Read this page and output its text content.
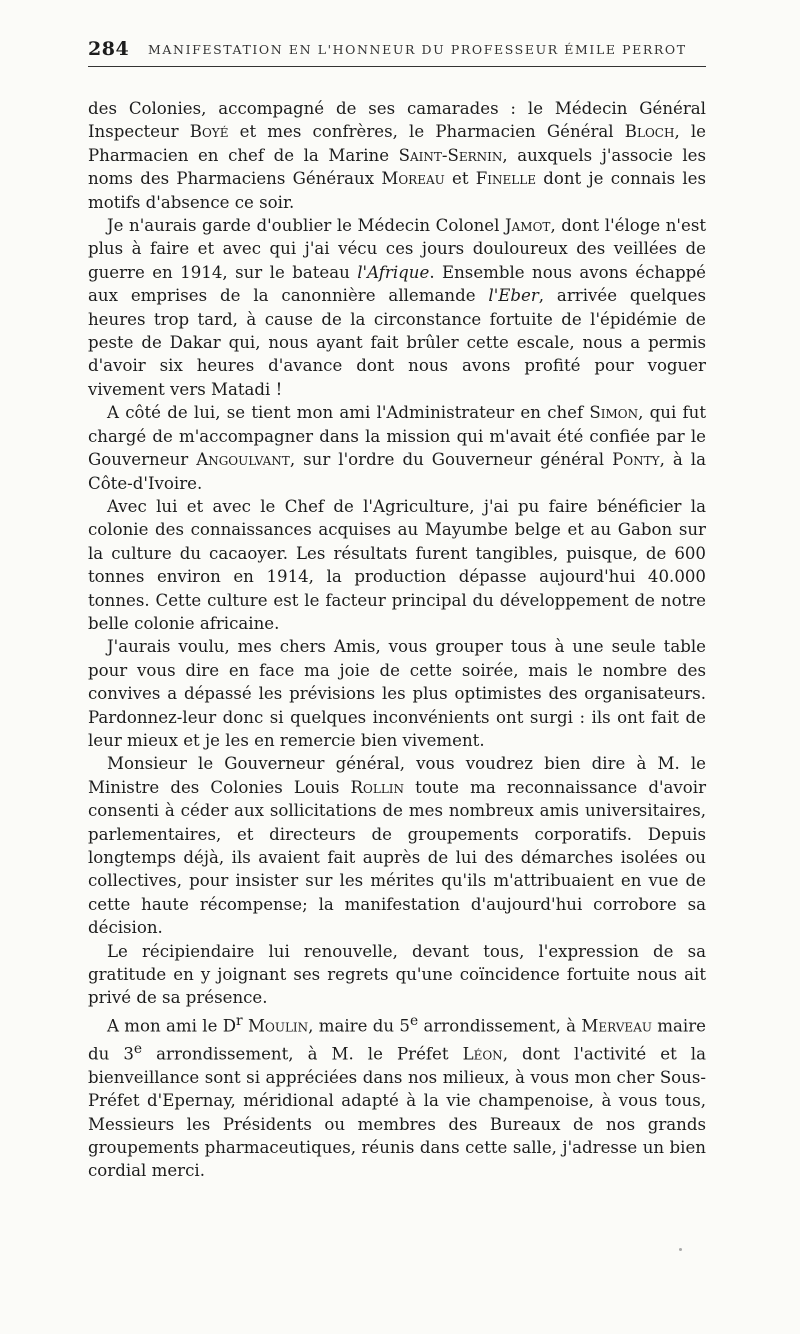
284 MANIFESTATION EN L'HONNEUR DU PROFESSEUR ÉMILE PERROT

des Colonies, accompagné de ses camarades : le Médecin Général Inspecteur Boyé et mes confrères, le Pharmacien Général Bloch, le Pharmacien en chef de la Marine Saint-Sernin, auxquels j'associe les noms des Pharmaciens Généraux Moreau et Finelle dont je connais les motifs d'absence ce soir.

Je n'aurais garde d'oublier le Médecin Colonel Jamot, dont l'éloge n'est plus à faire et avec qui j'ai vécu ces jours douloureux des veillées de guerre en 1914, sur le bateau l'Afrique. Ensemble nous avons échappé aux emprises de la canonnière allemande l'Eber, arrivée quelques heures trop tard, à cause de la circonstance fortuite de l'épidémie de peste de Dakar qui, nous ayant fait brûler cette escale, nous a permis d'avoir six heures d'avance dont nous avons profité pour voguer vivement vers Matadi !

A côté de lui, se tient mon ami l'Administrateur en chef Simon, qui fut chargé de m'accompagner dans la mission qui m'avait été confiée par le Gouverneur Angoulvant, sur l'ordre du Gouverneur général Ponty, à la Côte-d'Ivoire.

Avec lui et avec le Chef de l'Agriculture, j'ai pu faire bénéficier la colonie des connaissances acquises au Mayumbe belge et au Gabon sur la culture du cacaoyer. Les résultats furent tangibles, puisque, de 600 tonnes environ en 1914, la production dépasse aujourd'hui 40.000 tonnes. Cette culture est le facteur principal du développement de notre belle colonie africaine.

J'aurais voulu, mes chers Amis, vous grouper tous à une seule table pour vous dire en face ma joie de cette soirée, mais le nombre des convives a dépassé les prévisions les plus optimistes des organisateurs. Pardonnez-leur donc si quelques inconvénients ont surgi : ils ont fait de leur mieux et je les en remercie bien vivement.

Monsieur le Gouverneur général, vous voudrez bien dire à M. le Ministre des Colonies Louis Rollin toute ma reconnaissance d'avoir consenti à céder aux sollicitations de mes nombreux amis universitaires, parlementaires, et directeurs de groupements corporatifs. Depuis longtemps déjà, ils avaient fait auprès de lui des démarches isolées ou collectives, pour insister sur les mérites qu'ils m'attribuaient en vue de cette haute récompense; la manifestation d'aujourd'hui corrobore sa décision.

Le récipiendaire lui renouvelle, devant tous, l'expression de sa gratitude en y joignant ses regrets qu'une coïncidence fortuite nous ait privé de sa présence.

A mon ami le $D^r$ Moulin, maire du 5e arrondissement, à Merveau maire du 3e arrondissement, à M. le Préfet Léon, dont l'activité et la bienveillance sont si appréciées dans nos milieux, à vous mon cher Sous-Préfet d'Epernay, méridional adapté à la vie champenoise, à vous tous, Messieurs les Présidents ou membres des Bureaux de nos grands groupements pharmaceutiques, réunis dans cette salle, j'adresse un bien cordial merci.
